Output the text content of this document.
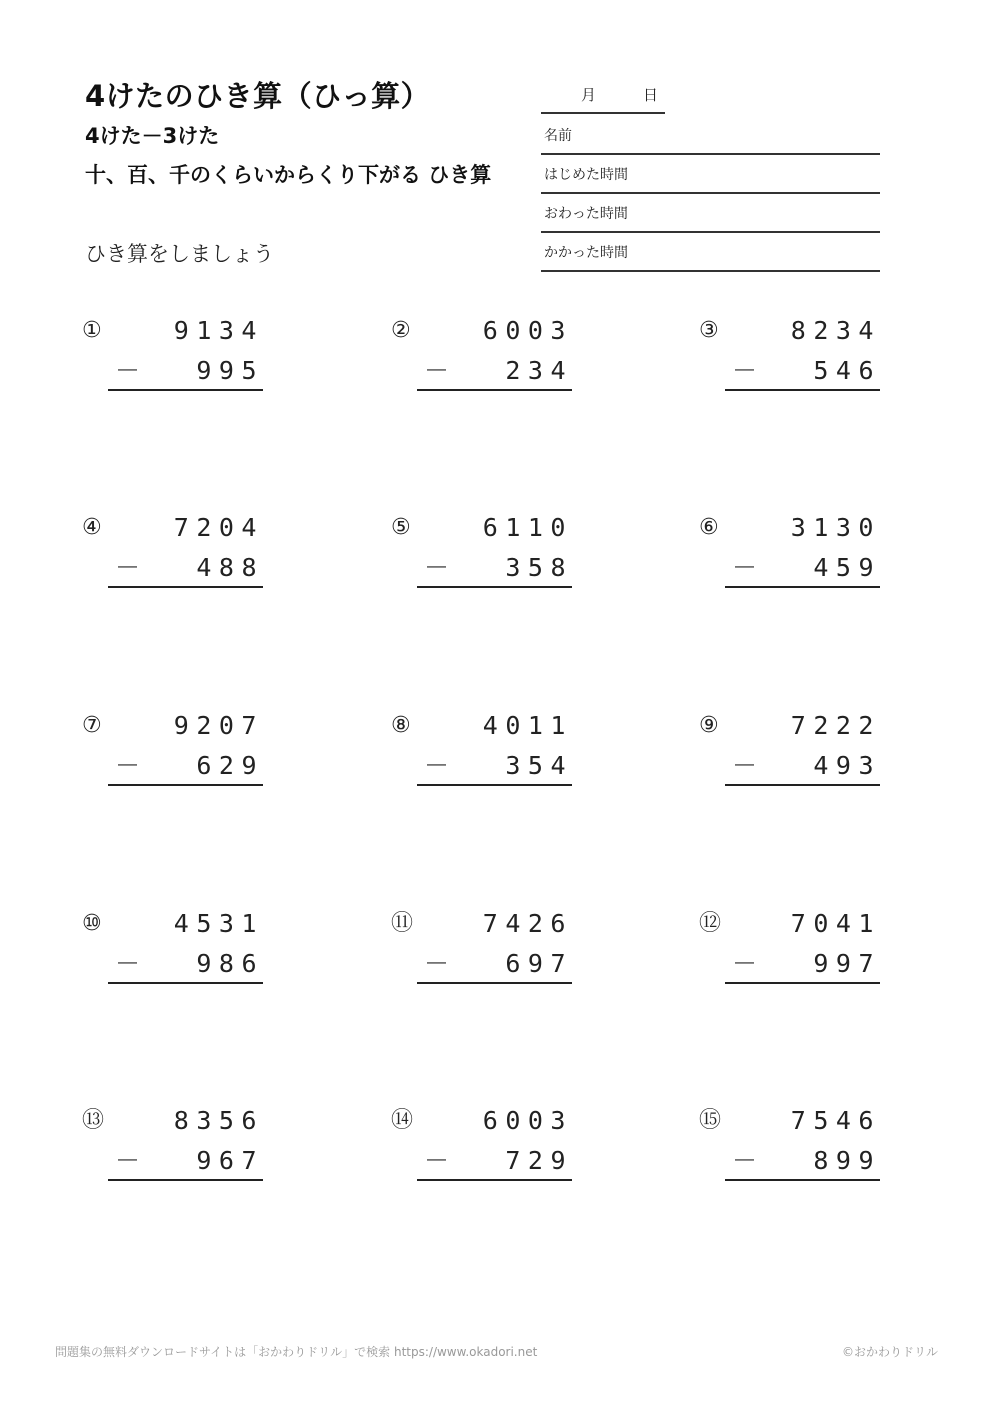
4けたのひき算（ひっ算）
4けた－3けた
十、百、千のくらいからくり下がる ひき算
ひき算をしましょう
月	日
名前
はじめた時間
おわった時間
かかった時間
①	9134
－	995
②	6003
－	234
③	8234
－	546
④	7204
－	488
⑤	6110
－	358
⑥	3130
－	459
⑦	9207
－	629
⑧	4011
－	354
⑨	7222
－	493
⑩	4531
－	986
⑪	7426
－	697
⑫	7041
－	997
⑬	8356
－	967
⑭	6003
－	729
⑮	7546
－	899
問題集の無料ダウンロードサイトは「おかわりドリル」で検索 https://www.okadori.net	©おかわりドリル
